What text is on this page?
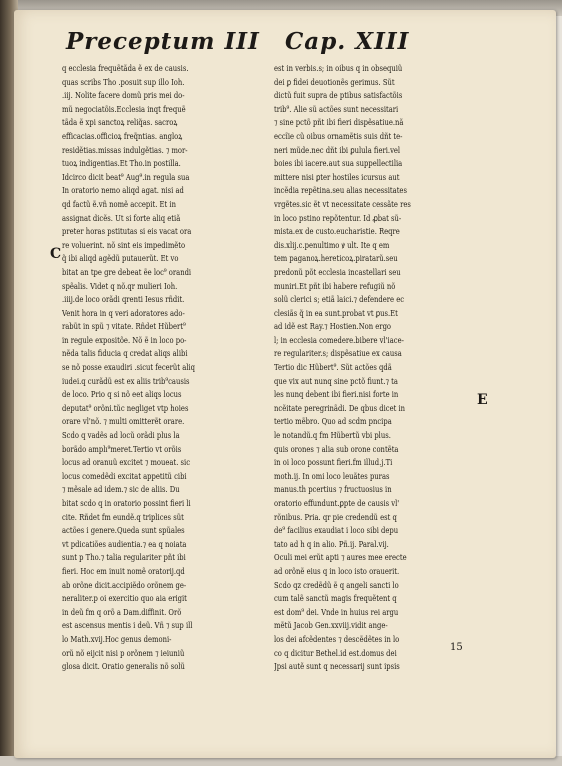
Preceptum III Cap. XIII
q ecclesia frequẽtãda ẽ ex de causis.
quas scribs Tho .posuit sup illo Ioh.
.iij. Nolite facere domũ pris mei do-
mũ negociatõis.Ecclesia inqt frequẽ
tãda ẽ xpi sanctoꝝ reliq̃as. sacroꝝ
efficacias.officioꝝ freq̃ntias. angloꝝ
residẽtias.missas indulgẽtias. ⁊ mor-
tuoꝝ indigentias.Et Tho.in postilla.
Idcirco dicit beat⁹ Aug⁹.in regula sua
In oratorio nemo aliqd agat. nisi ad
qd factũ ẽ.vñ nomẽ accepit. Et in
assignat dicẽs. Ut si forte aliq etiã
preter horas pstitutas si eis vacat ora
re voluerint. nõ sint eis impedimẽto
q̃ ibi aliqd agẽdũ putauerũt. Et vo
bitat an tpe gre debeat ẽe loc⁹ orandi
spẽalis. Videt q nõ.qr mulieri Ioh.
.iiij.de loco orãdi qrenti Iesus rñdit.
Venit hora in q veri adoratores ado-
rabũt in spũ ⁊ vitate. Rñdet Hũbert⁹
in regule expositõe. Nõ ẽ in loco po-
nẽda talis fiducia q credat aliqs alibi
se nõ posse exaudiri .sicut fecerũt aliq
iudei.q curãdũ est ex aliis trib⁹causis
de loco. Prio q si nõ eet aliqs locus
deputat⁹ orõni.tũc negliget vtp hoies
orare vl'nõ. ⁊ multi omitterẽt orare.
Scdo q vadẽs ad locũ orãdi plus la
borãdo amplı⁹meret.Tertio vt orõis
locus ad oranuũ excitet ⁊ moueat. sic
locus comedẽdi excitat appetitũ cibi
⁊ mẽsale ad idem.⁊ sic de aliis. Du
bitat scdo q in oratorio possint fieri li
cite. Rñdet fm eundẽ.q triplices sũt
actões i genere.Queda sunt spũales
vt pdicatiões audientia.⁊ ea q noiata
sunt p Tho.⁊ talia regulariter pñt ibi
fieri. Hoc em inuit nomẽ oratorij.qd
ab orõne dicit.accipiẽdo orõnem ge-
neraliter.p oi exercitio quo aia erigit
in deũ fm q orõ a Dam.diffinit. Orõ
est ascensus mentis i deũ. Vñ ⁊ sup ill
lo Math.xvij.Hoc genus demoni-
orũ nõ eijcit nisi p orõnem ⁊ ieiuniũ
glosa dicit. Oratio generalis nõ solũ
est in verbis.s; in oibus q in obsequiũ
dei ꝑ fidei deuotionẽs gerimus. Sũt
dictũ fuit supra de ptibus satisfactõis
trib⁹. Alie sũ actões sunt necessitari
⁊ sine pctõ pñt ibi fieri dispẽsatiue.nã
eccĩie cũ oibus ornamẽtis suis dñt te-
neri mũde.nec dñt ibi ꝑulula fieri.vel
boies ibi iacere.aut sua suppellectilia
mittere nisi ꝑter hostiles icursus aut
incẽdia repẽtina.seu alias necessitates
vrgẽtes.sic ẽt vt necessitate cessãte res
in loco pstino repõtentur. Id ꝓbat sũ-
mista.ex de custo.eucharistie. Reqre
dis.xlij.c.penultimo ꝟ ult. Ite q em
tem paganoꝝ.hereticoꝝ.piratarũ.seu
predonũ põt ecclesia incastellari seu
muniri.Et pñt ibi habere refugiũ nõ
solũ clerici s; etiã laici.⁊ defendere ec
clesiãs q̃ in ea sunt.probat vt ꝑus.Et
ad idẽ est Ray.⁊ Hostien.Non ergo
l; in ecclesia comedere.bibere vl'iace-
re regulariter.s; dispẽsatiue ex causa
Tertio dic Hũbert⁹. Sũt actões qdã
que vix aut nunq sine pctõ fiunt.⁊ ta
les nunq debent ibi fieri.nisi forte in
ncẽitate peregrinãdi. De qbus dicet in
tertio mẽbro. Quo ad scdm pncipa
le notandũ.q fm Hũbertũ vbi plus.
quis orones ⁊ alia sub orone contẽta
in oi loco possunt fieri.fm illud.j.Ti
moth.ij. In omi loco leuãtes puras
manus.th pcertius ⁊ fructuosius in
oratorio effundunt.ꝑpte de causis vl'
rõnibus. Pria. qr pie credendũ est q
de⁹ facilius exaudiat i loco sibi depu
tato ad h q in alio. Pñ.ij. Paral.vij.
Oculi mei erũt apti ⁊ aures mee erecte
ad orõnẽ eius q in loco isto orauerit.
Scdo qz credẽdũ ẽ q angeli sancti lo
cum talẽ sanctũ magis frequẽtent q
est dom⁹ dei. Vnde in huius rei argu
mẽtũ Jacob Gen.xxviij.vidit ange-
los dei afcẽdentes ⁊ descẽdẽtes in lo
co q dicitur Bethel.id est.domus dei
Jpsi autẽ sunt q necessarij sunt ipsis
C
E
15
